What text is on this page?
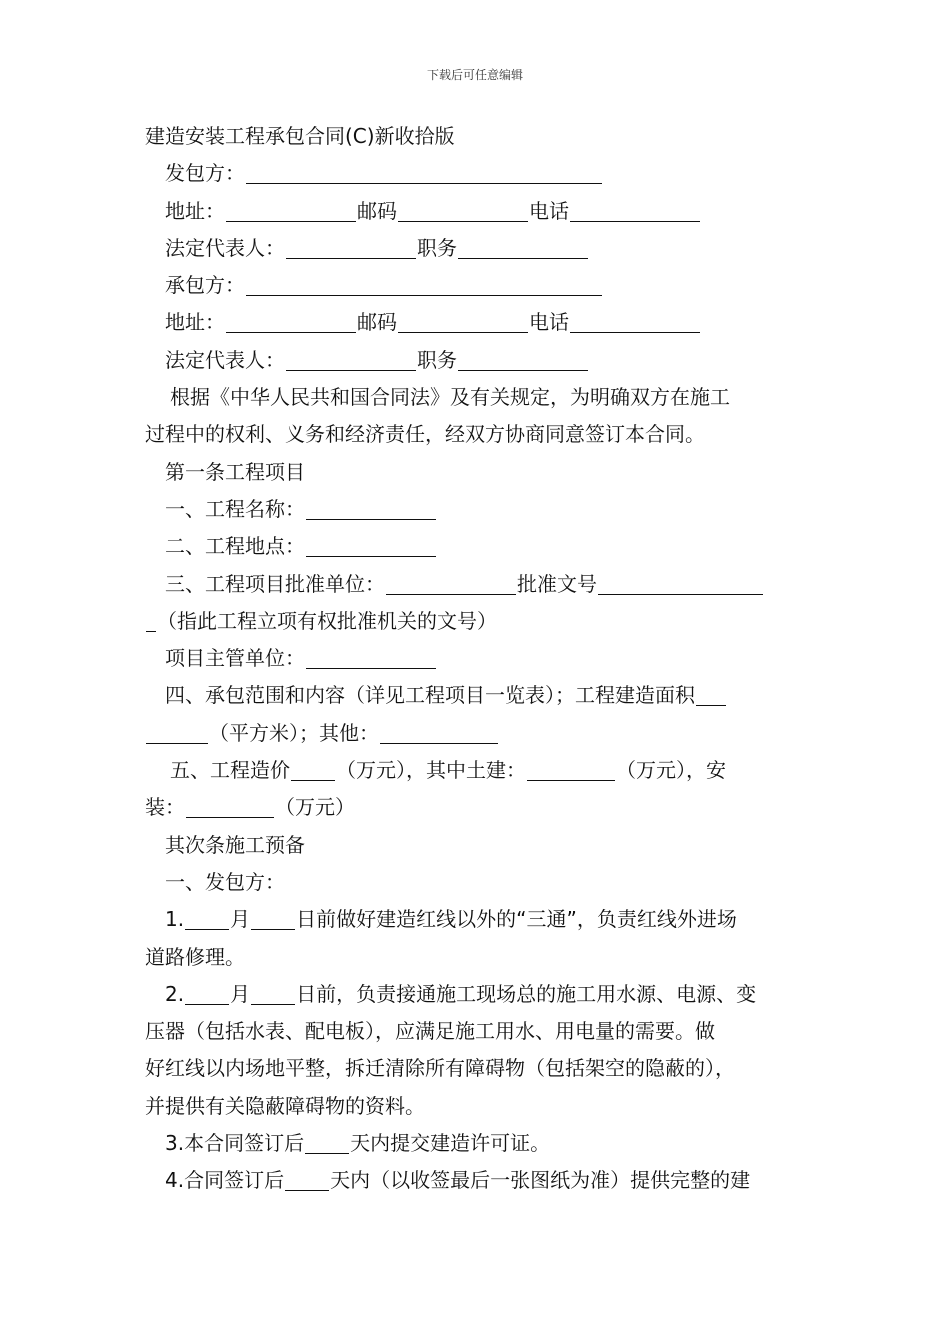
下载后可任意编辑
建造安装工程承包合同(C)新收拾版
发包方：
地址：	邮码	电话
法定代表人：	职务
承包方：
地址：	邮码	电话
法定代表人：	职务
根据《中华人民共和国合同法》及有关规定，为明确双方在施工
过程中的权利、义务和经济责任，经双方协商同意签订本合同。
第一条工程项目
一、工程名称：
二、工程地点：
三、工程项目批准单位：	批准文号
（指此工程立项有权批准机关的文号）
项目主管单位：
四、承包范围和内容（详见工程项目一览表）；工程建造面积
（平方米）；其他：
五、工程造价 （万元），其中土建：	（万元），安
装：	（万元）
其次条施工预备
一、发包方：
1. 月 日前做好建造红线以外的“三通”，负责红线外进场
道路修理。
2. 月 日前，负责接通施工现场总的施工用水源、电源、变
压器（包括水表、配电板），应满足施工用水、用电量的需要。做
好红线以内场地平整，拆迁清除所有障碍物（包括架空的隐蔽的），
并提供有关隐蔽障碍物的资料。
3.本合同签订后 天内提交建造许可证。
4.合同签订后 天内（以收签最后一张图纸为准）提供完整的建
